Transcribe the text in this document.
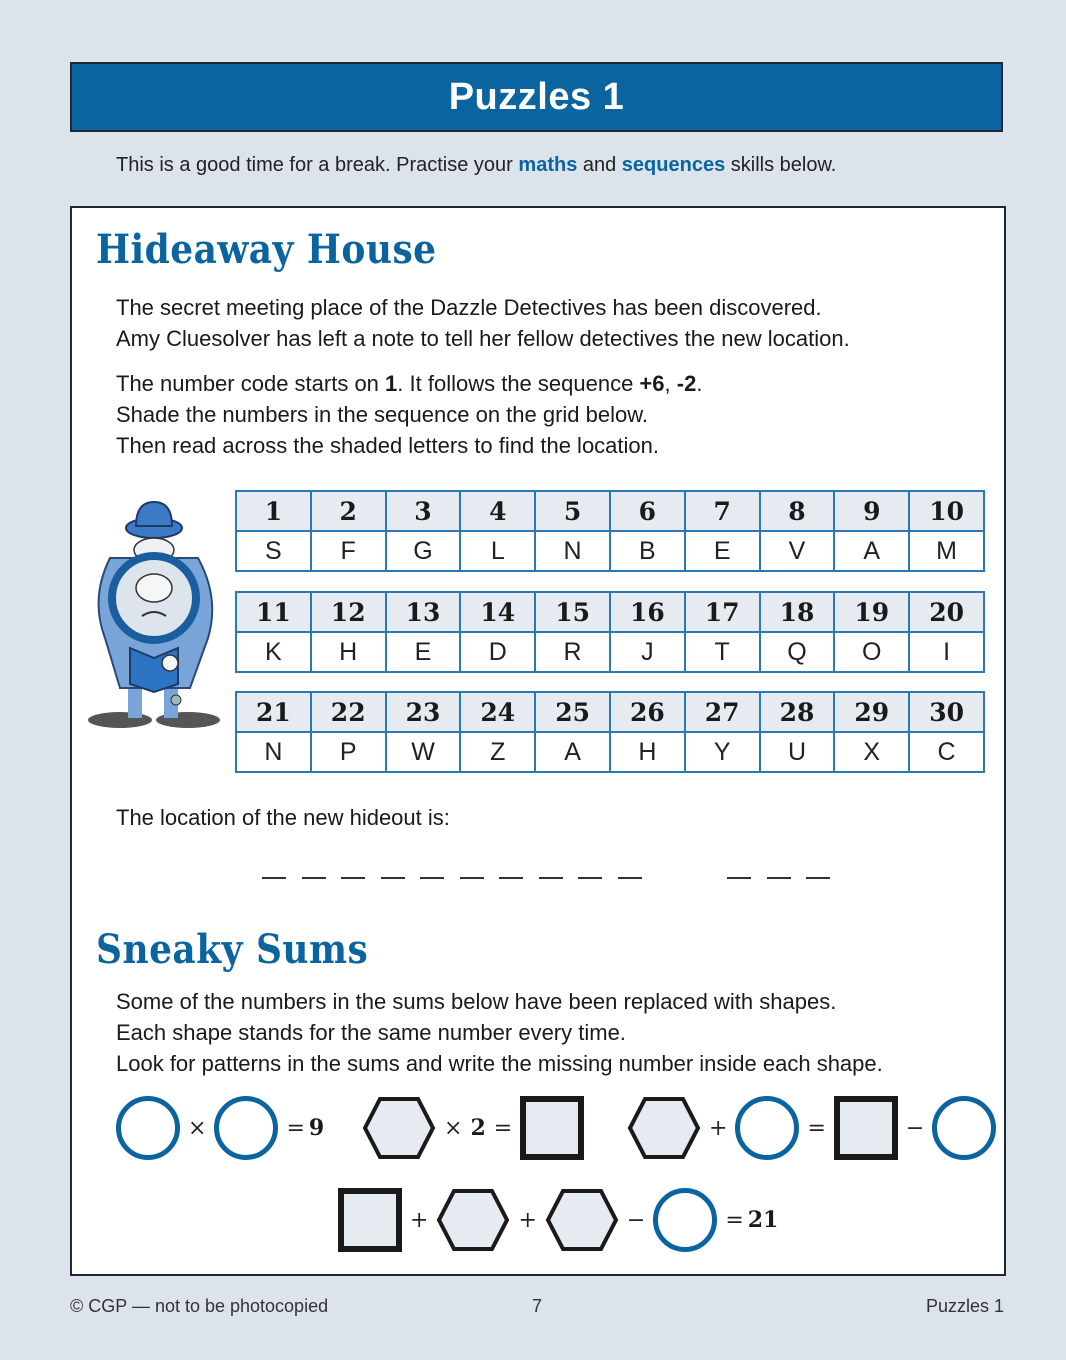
Puzzles 1
This is a good time for a break. Practise your maths and sequences skills below.
Hideaway House

The secret meeting place of the Dazzle Detectives has been discovered.

Amy Cluesolver has left a note to tell her fellow detectives the new location.

The number code starts on 1. It follows the sequence +6, -2.

Shade the numbers in the sequence on the grid below.

Then read across the shaded letters to find the location.

1	2	3	4	5	6	7	8	9	10
S	F	G	L	N	B	E	V	A	M
11	12	13	14	15	16	17	18	19	20
K	H	E	D	R	J	T	Q	O	I
21	22	23	24	25	26	27	28	29	30
N	P	W	Z	A	H	Y	U	X	C
The location of the new hideout is:
Sneaky Sums

Some of the numbers in the sums below have been replaced with shapes.

Each shape stands for the same number every time.

Look for patterns in the sums and write the missing number inside each shape.

×	= 9	× 2 =	+	=	−
+	+	−	= 21
© CGP — not to be photocopied	7	Puzzles 1
